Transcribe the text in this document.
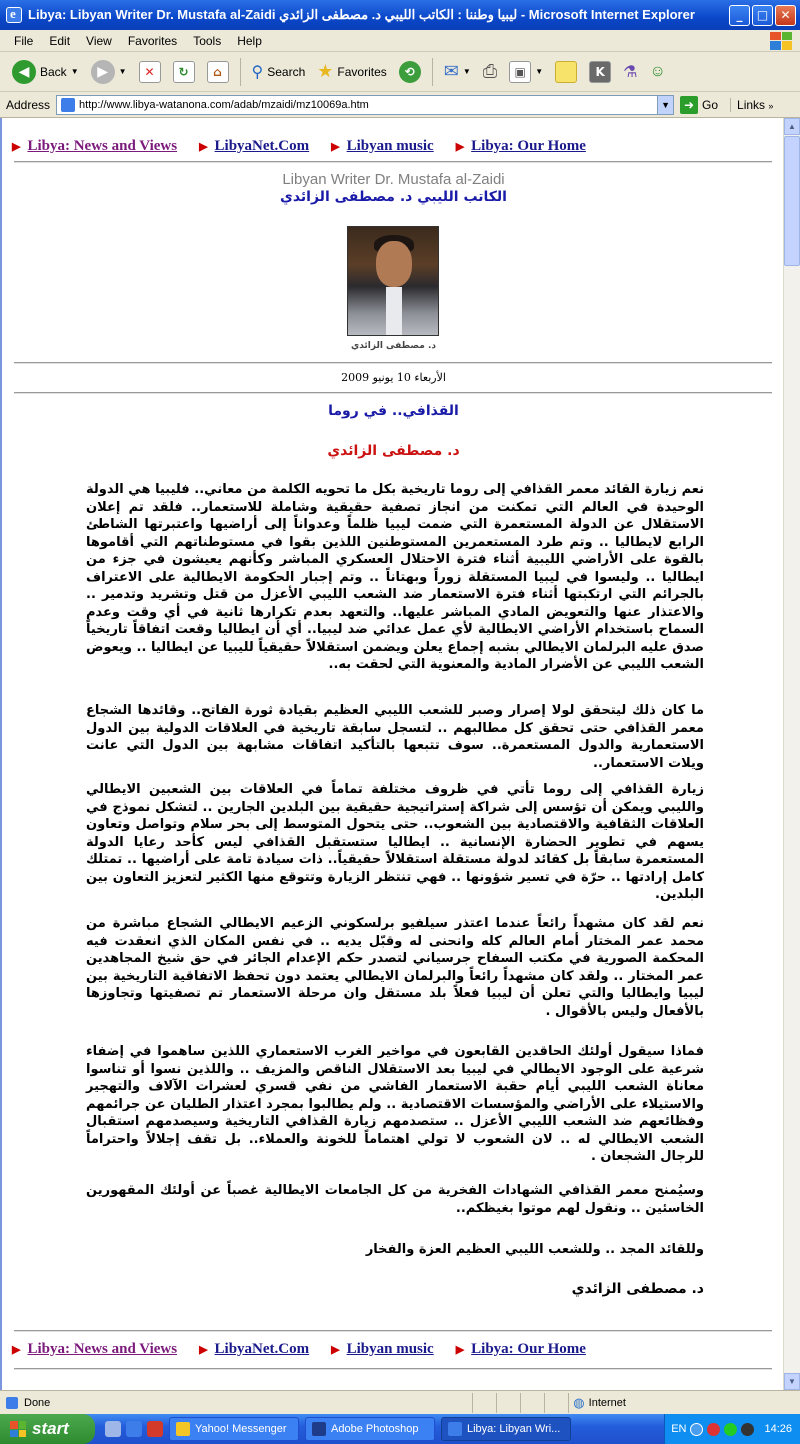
e
Libya: Libyan Writer Dr. Mustafa al-Zaidi ليبيا وطننا : الكاتب الليبي د. مصطفى الزائدي - Microsoft Internet Explorer	_	□	✕
File	Edit	View	Favorites	Tools	Help
◀ Back ▼	▶	▼	✕	↻	⌂	⚲ Search ★ Favorites	⟲	✉ ▼ ⎙	▣	▼	K	⚗ ☺
Address	http://www.libya-watanona.com/adab/mzaidi/mz10069a.htm	▼	➜ Go	Links »
▶ Libya: News and Views ▶ LibyaNet.Com ▶ Libyan music ▶ Libya: Our Home
Libyan Writer Dr. Mustafa al-Zaidi
الكاتب الليبي د. مصطفى الزائدي
د. مصطفى الزائدي
الأربعاء 10 يونيو 2009
القذافي.. في روما
د. مصطفى الزائدي
نعم زيارة القائد معمر القذافي إلى روما تاريخية بكل ما تحويه الكلمة من معاني.. فليبيا هي الدولة الوحيدة في العالم التي تمكنت من انجاز تصفية حقيقية وشاملة للاستعمار.. فلقد تم إعلان الاستقلال عن الدولة المستعمرة التي ضمت ليبيا ظلماً وعدواناً إلى أراضيها واعتبرتها الشاطئ الرابع لايطاليا .. وتم طرد المستعمرين المستوطنين اللذين بقوا في مستوطناتهم التي أقاموها بالقوة على الأراضي الليبية أثناء فترة الاحتلال العسكري المباشر وكأنهم يعيشون في جزء من ايطاليا .. وليسوا في ليبيا المستقلة زوراً وبهتاناً .. وتم إجبار الحكومة الايطالية على الاعتراف بالجرائم التي ارتكبتها أثناء فترة الاستعمار ضد الشعب الليبي الأعزل من قتل وتشريد وتدمير .. والاعتذار عنها والتعويض المادي المباشر عليها.. والتعهد بعدم تكرارها ثانية في أي وقت وعدم السماح باستخدام الأراضي الايطالية لأي عمل عدائي ضد ليبيا.. أي أن ايطاليا وقعت اتفاقاً تاريخياً صدق عليه البرلمان الايطالي بشبه إجماع يعلن ويضمن استقلالاً حقيقياً لليبيا عن ايطاليا .. ويعوض الشعب الليبي عن الأضرار المادية والمعنوية التي لحقت به..
ما كان ذلك ليتحقق لولا إصرار وصبر للشعب الليبي العظيم بقيادة ثورة الفاتح.. وقائدها الشجاع معمر القذافي حتى تحقق كل مطالبهم .. لتسجل سابقة تاريخية في العلاقات الدولية بين الدول الاستعمارية والدول المستعمرة.. سوف تتبعها بالتأكيد اتفاقات مشابهة بين الدول التي عانت ويلات الاستعمار..
زيارة القذافي إلى روما تأتي في ظروف مختلفة تماماً في العلاقات بين الشعبين الايطالي والليبي ويمكن أن تؤسس إلى شراكة إستراتيجية حقيقية بين البلدين الجارين .. لتشكل نموذج في العلاقات الثقافية والاقتصادية بين الشعوب.. حتى يتحول المتوسط إلى بحر سلام وتواصل وتعاون يسهم في تطوير الحضارة الإنسانية .. ايطاليا ستستقبل القذافي ليس كأحد رعايا الدولة المستعمرة سابقاً بل كقائد لدولة مستقلة استقلالاً حقيقياً.. ذات سيادة تامة على أراضيها .. تمتلك كامل إرادتها .. حرّة في تسير شؤونها .. فهي تنتظر الزيارة وتتوقع منها الكثير لتعزيز التعاون بين البلدين.
نعم لقد كان مشهداً رائعاً عندما اعتذر سيلفيو برلسكوني الزعيم الايطالي الشجاع مباشرة من محمد عمر المختار أمام العالم كله وانحنى له وقبّل يديه .. في نفس المكان الذي انعقدت فيه المحكمة الصورية في مكتب السفاح جرسياني لتصدر حكم الإعدام الجائر في حق شيخ المجاهدين عمر المختار .. ولقد كان مشهداً رائعاً والبرلمان الايطالي يعتمد دون تحفظ الاتفاقية التاريخية بين ليبيا وايطاليا والتي تعلن أن ليبيا فعلاً بلد مستقل وان مرحلة الاستعمار تم تصفيتها وتجاوزها بالأفعال وليس بالأقوال .
فماذا سيقول أولئك الحاقدين القابعون في مواخير الغرب الاستعماري اللذين ساهموا في إضفاء شرعية على الوجود الايطالي في ليبيا بعد الاستقلال الناقص والمزيف .. واللذين نسوا أو تناسوا معاناة الشعب الليبي أيام حقبة الاستعمار الفاشي من نفي قسري لعشرات الآلاف والتهجير والاستيلاء على الأراضي والمؤسسات الاقتصادية .. ولم يطالبوا بمجرد اعتذار الطليان عن جرائمهم وفظائعهم ضد الشعب الليبي الأعزل .. ستصدمهم زيارة القذافي التاريخية وسيصدمهم استقبال الشعب الايطالي له .. لان الشعوب لا تولي اهتماماً للخونة والعملاء.. بل تقف إجلالاً واحتراماً للرجال الشجعان .
وسيُمنح معمر القذافي الشهادات الفخرية من كل الجامعات الايطالية غصباً عن أولئك المقهورين الخاسئين .. ونقول لهم موتوا بغيظكم..
وللقائد المجد .. وللشعب الليبي العظيم العزة والفخار
د. مصطفى الزائدي
▶ Libya: News and Views ▶ LibyaNet.Com ▶ Libyan music ▶ Libya: Our Home
▲
▼
Done	◍ Internet
start	Yahoo! Messenger	Adobe Photoshop	Libya: Libyan Wri...	EN	14:26
